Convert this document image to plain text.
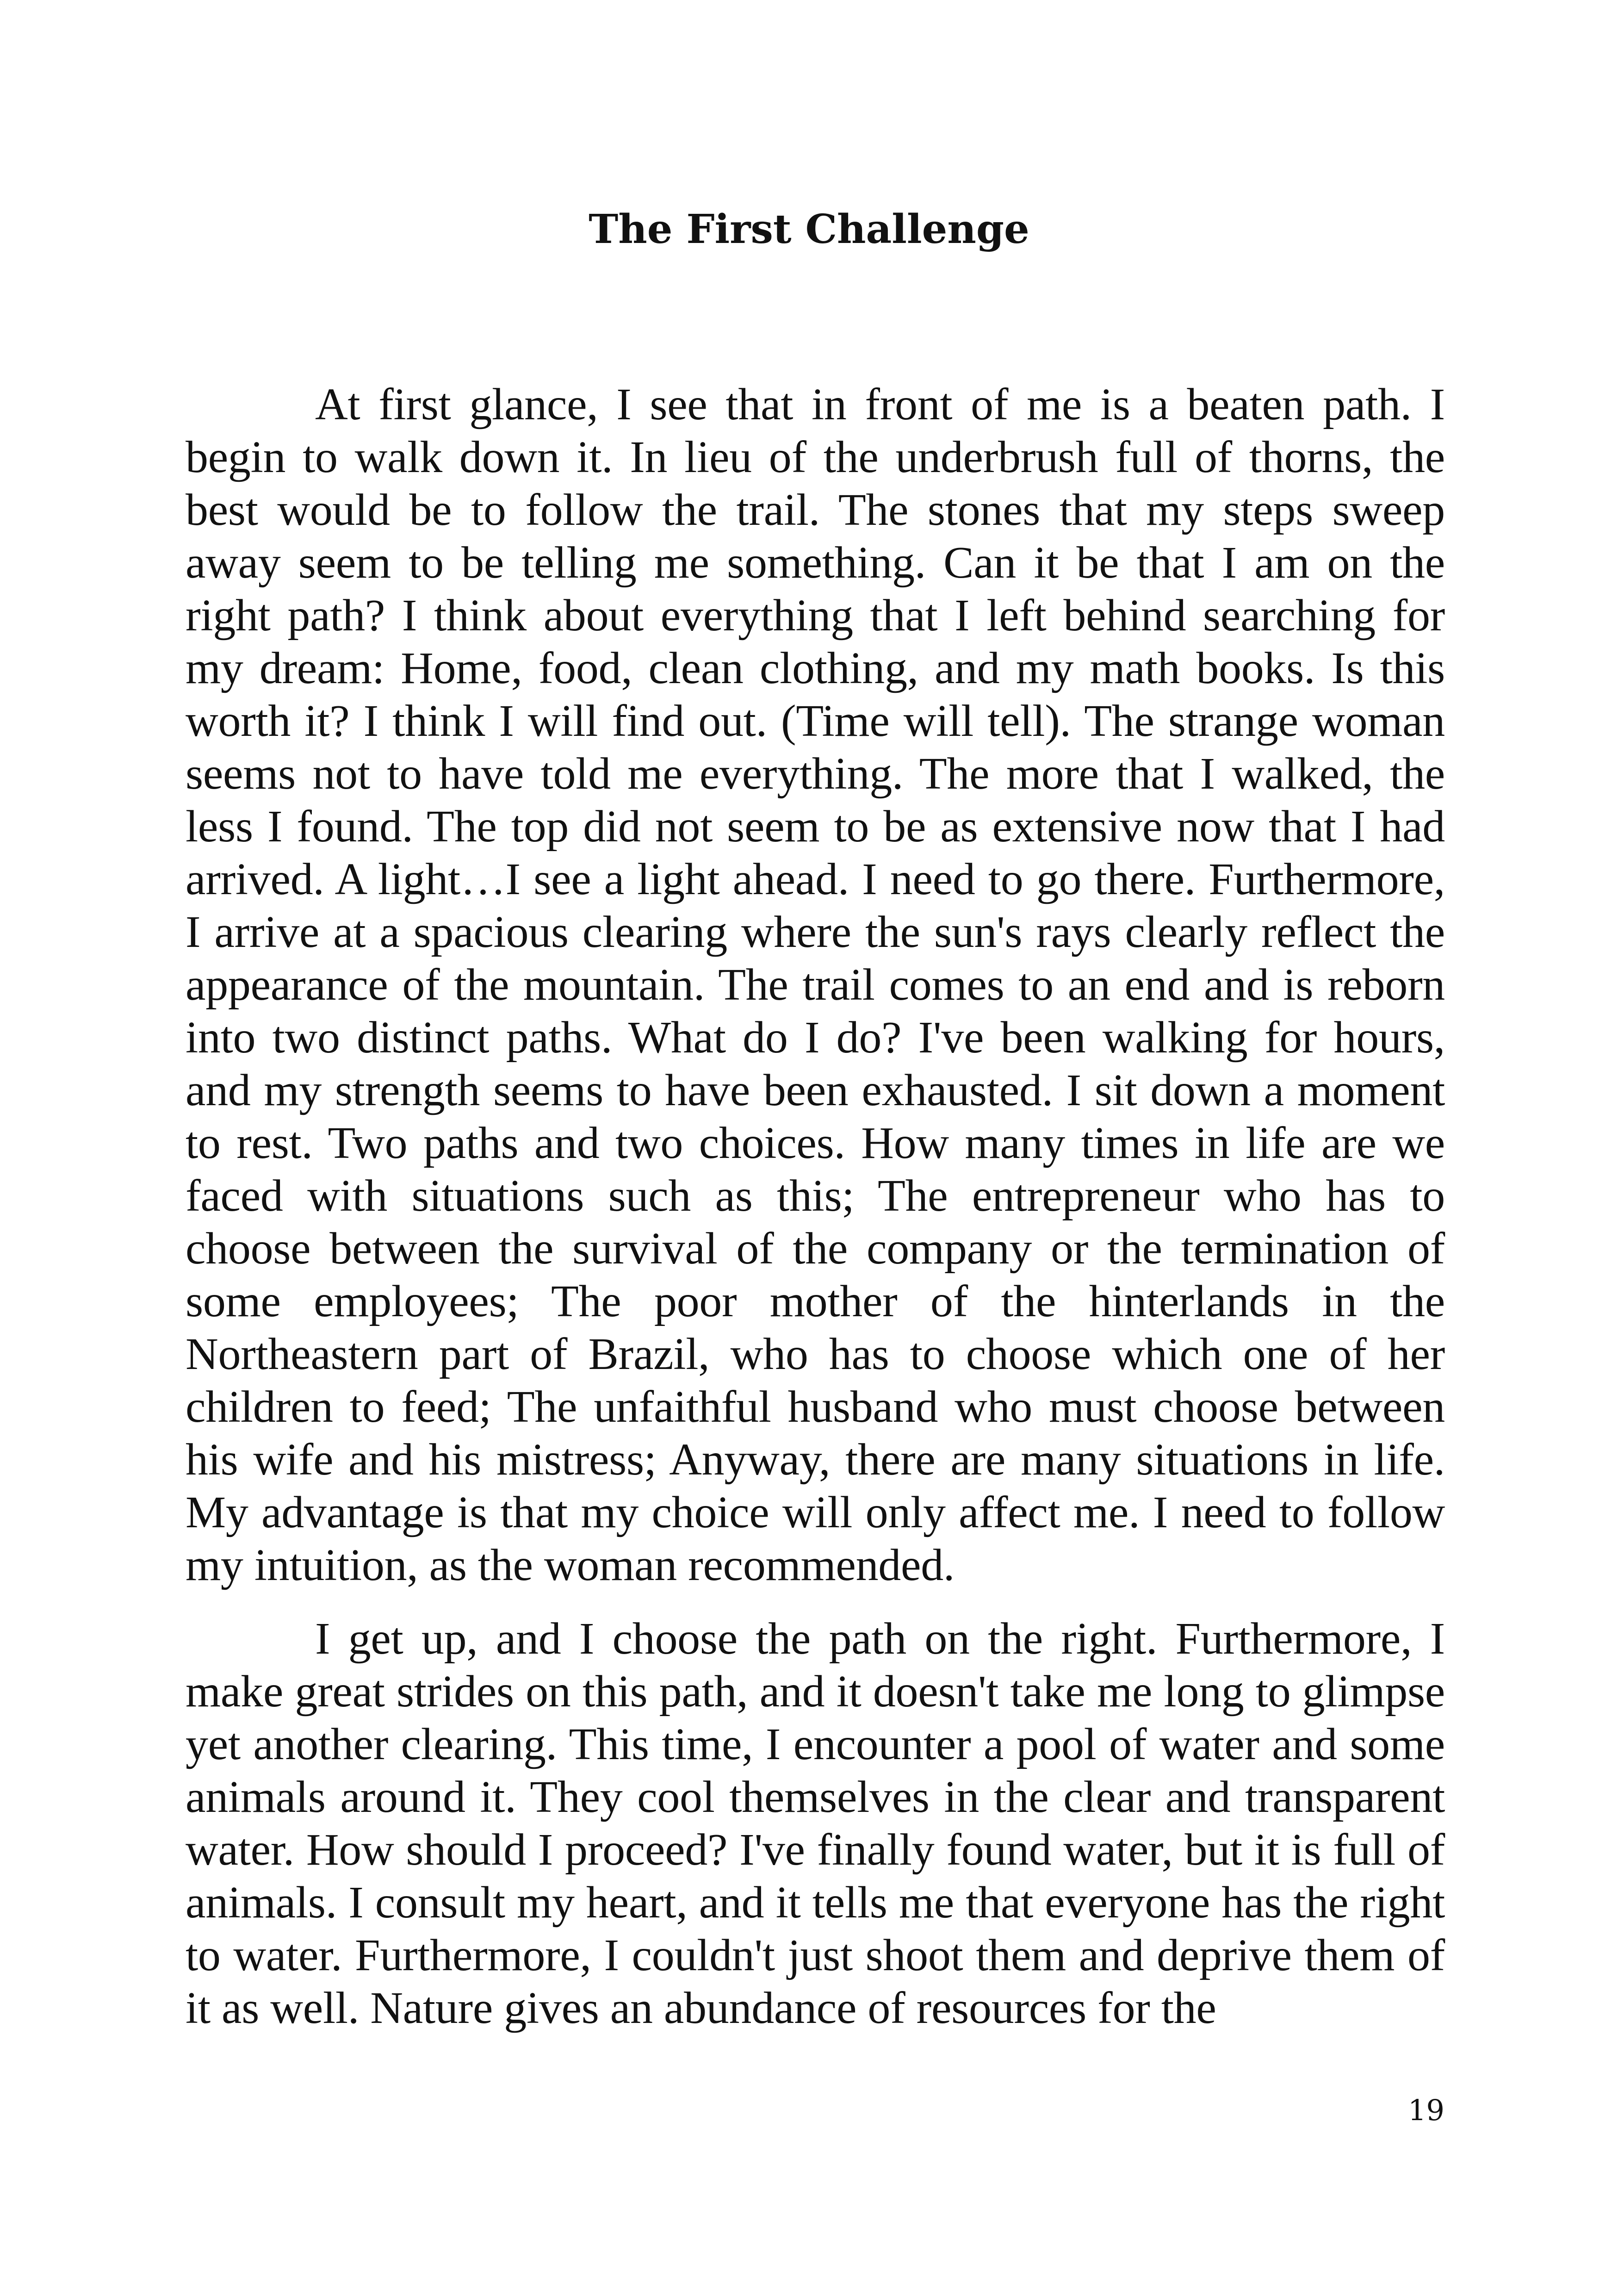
The First Challenge

At first glance, I see that in front of me is a beaten path. I begin to walk down it. In lieu of the underbrush full of thorns, the best would be to follow the trail. The stones that my steps sweep away seem to be telling me something. Can it be that I am on the right path? I think about everything that I left behind searching for my dream: Home, food, clean clothing, and my math books. Is this worth it? I think I will find out. (Time will tell). The strange woman seems not to have told me everything. The more that I walked, the less I found. The top did not seem to be as extensive now that I had arrived. A light…I see a light ahead. I need to go there. Furthermore, I arrive at a spacious clearing where the sun's rays clearly reflect the appearance of the mountain. The trail comes to an end and is reborn into two distinct paths. What do I do? I've been walking for hours, and my strength seems to have been exhausted. I sit down a moment to rest. Two paths and two choices. How many times in life are we faced with situations such as this; The entrepreneur who has to choose between the survival of the company or the termination of some employees; The poor mother of the hinterlands in the Northeastern part of Brazil, who has to choose which one of her children to feed; The unfaithful husband who must choose between his wife and his mistress; Anyway, there are many situations in life. My advantage is that my choice will only affect me. I need to follow my intuition, as the woman recommended.

I get up, and I choose the path on the right. Furthermore, I make great strides on this path, and it doesn't take me long to glimpse yet another clearing. This time, I encounter a pool of water and some animals around it. They cool themselves in the clear and transparent water. How should I proceed? I've finally found water, but it is full of animals. I consult my heart, and it tells me that everyone has the right to water. Furthermore, I couldn't just shoot them and deprive them of it as well. Nature gives an abundance of resources for the

19
